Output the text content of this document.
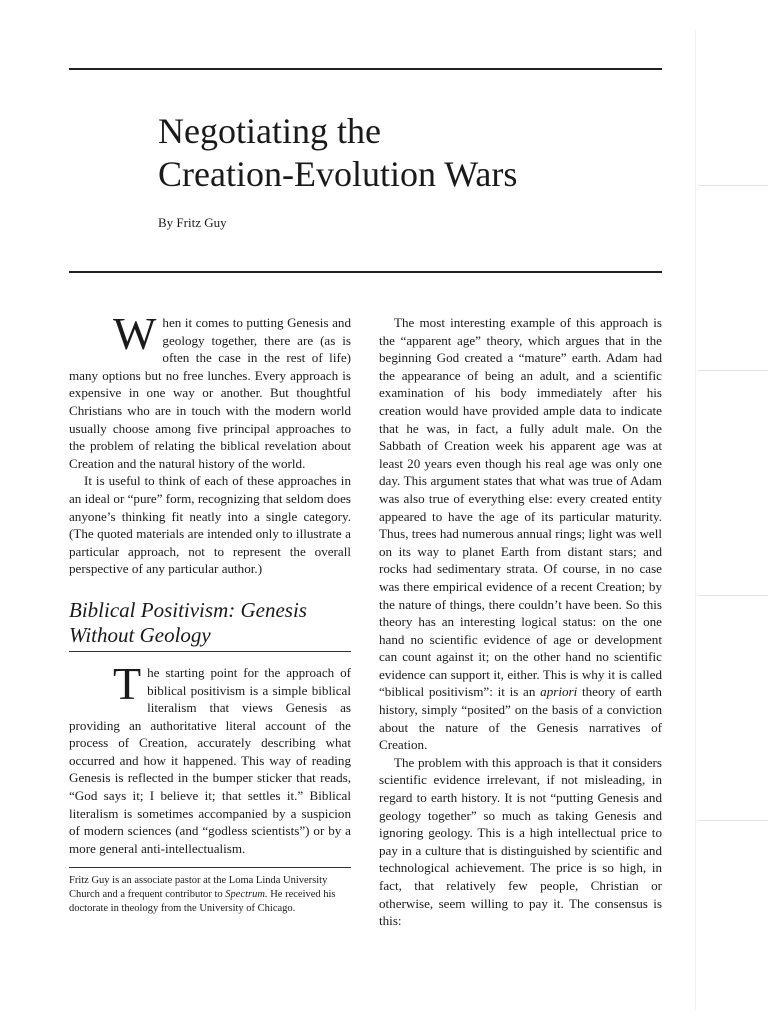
Negotiating the
Creation-Evolution Wars
By Fritz Guy

When it comes to putting Genesis and geology together, there are (as is often the case in the rest of life) many options but no free lunches. Every approach is expensive in one way or another. But thoughtful Christians who are in touch with the modern world usually choose among five principal approaches to the problem of relating the biblical revelation about Creation and the natural history of the world.

It is useful to think of each of these approaches in an ideal or “pure” form, recognizing that seldom does anyone’s thinking fit neatly into a single category. (The quoted materials are intended only to illustrate a particular approach, not to represent the overall perspective of any particular author.)

Biblical Positivism: Genesis
Without Geology

The starting point for the approach of biblical positivism is a simple biblical literalism that views Genesis as providing an authoritative literal account of the process of Creation, accurately describing what occurred and how it happened. This way of reading Genesis is reflected in the bumper sticker that reads, “God says it; I believe it; that settles it.” Biblical literalism is sometimes accompanied by a suspicion of modern sciences (and “godless scientists”) or by a more general anti-intellectualism.

Fritz Guy is an associate pastor at the Loma Linda University Church and a frequent contributor to Spectrum. He received his doctorate in theology from the University of Chicago.

The most interesting example of this approach is the “apparent age” theory, which argues that in the beginning God created a “mature” earth. Adam had the appearance of being an adult, and a scientific examination of his body immediately after his creation would have provided ample data to indicate that he was, in fact, a fully adult male. On the Sabbath of Creation week his apparent age was at least 20 years even though his real age was only one day. This argument states that what was true of Adam was also true of everything else: every created entity appeared to have the age of its particular maturity. Thus, trees had numerous annual rings; light was well on its way to planet Earth from distant stars; and rocks had sedimentary strata. Of course, in no case was there empirical evidence of a recent Creation; by the nature of things, there couldn’t have been. So this theory has an interesting logical status: on the one hand no scientific evidence of age or development can count against it; on the other hand no scientific evidence can support it, either. This is why it is called “biblical positivism”: it is an apriori theory of earth history, simply “posited” on the basis of a conviction about the nature of the Genesis narratives of Creation.

The problem with this approach is that it considers scientific evidence irrelevant, if not misleading, in regard to earth history. It is not “putting Genesis and geology together” so much as taking Genesis and ignoring geology. This is a high intellectual price to pay in a culture that is distinguished by scientific and technological achievement. The price is so high, in fact, that relatively few people, Christian or otherwise, seem willing to pay it. The consensus is this:
